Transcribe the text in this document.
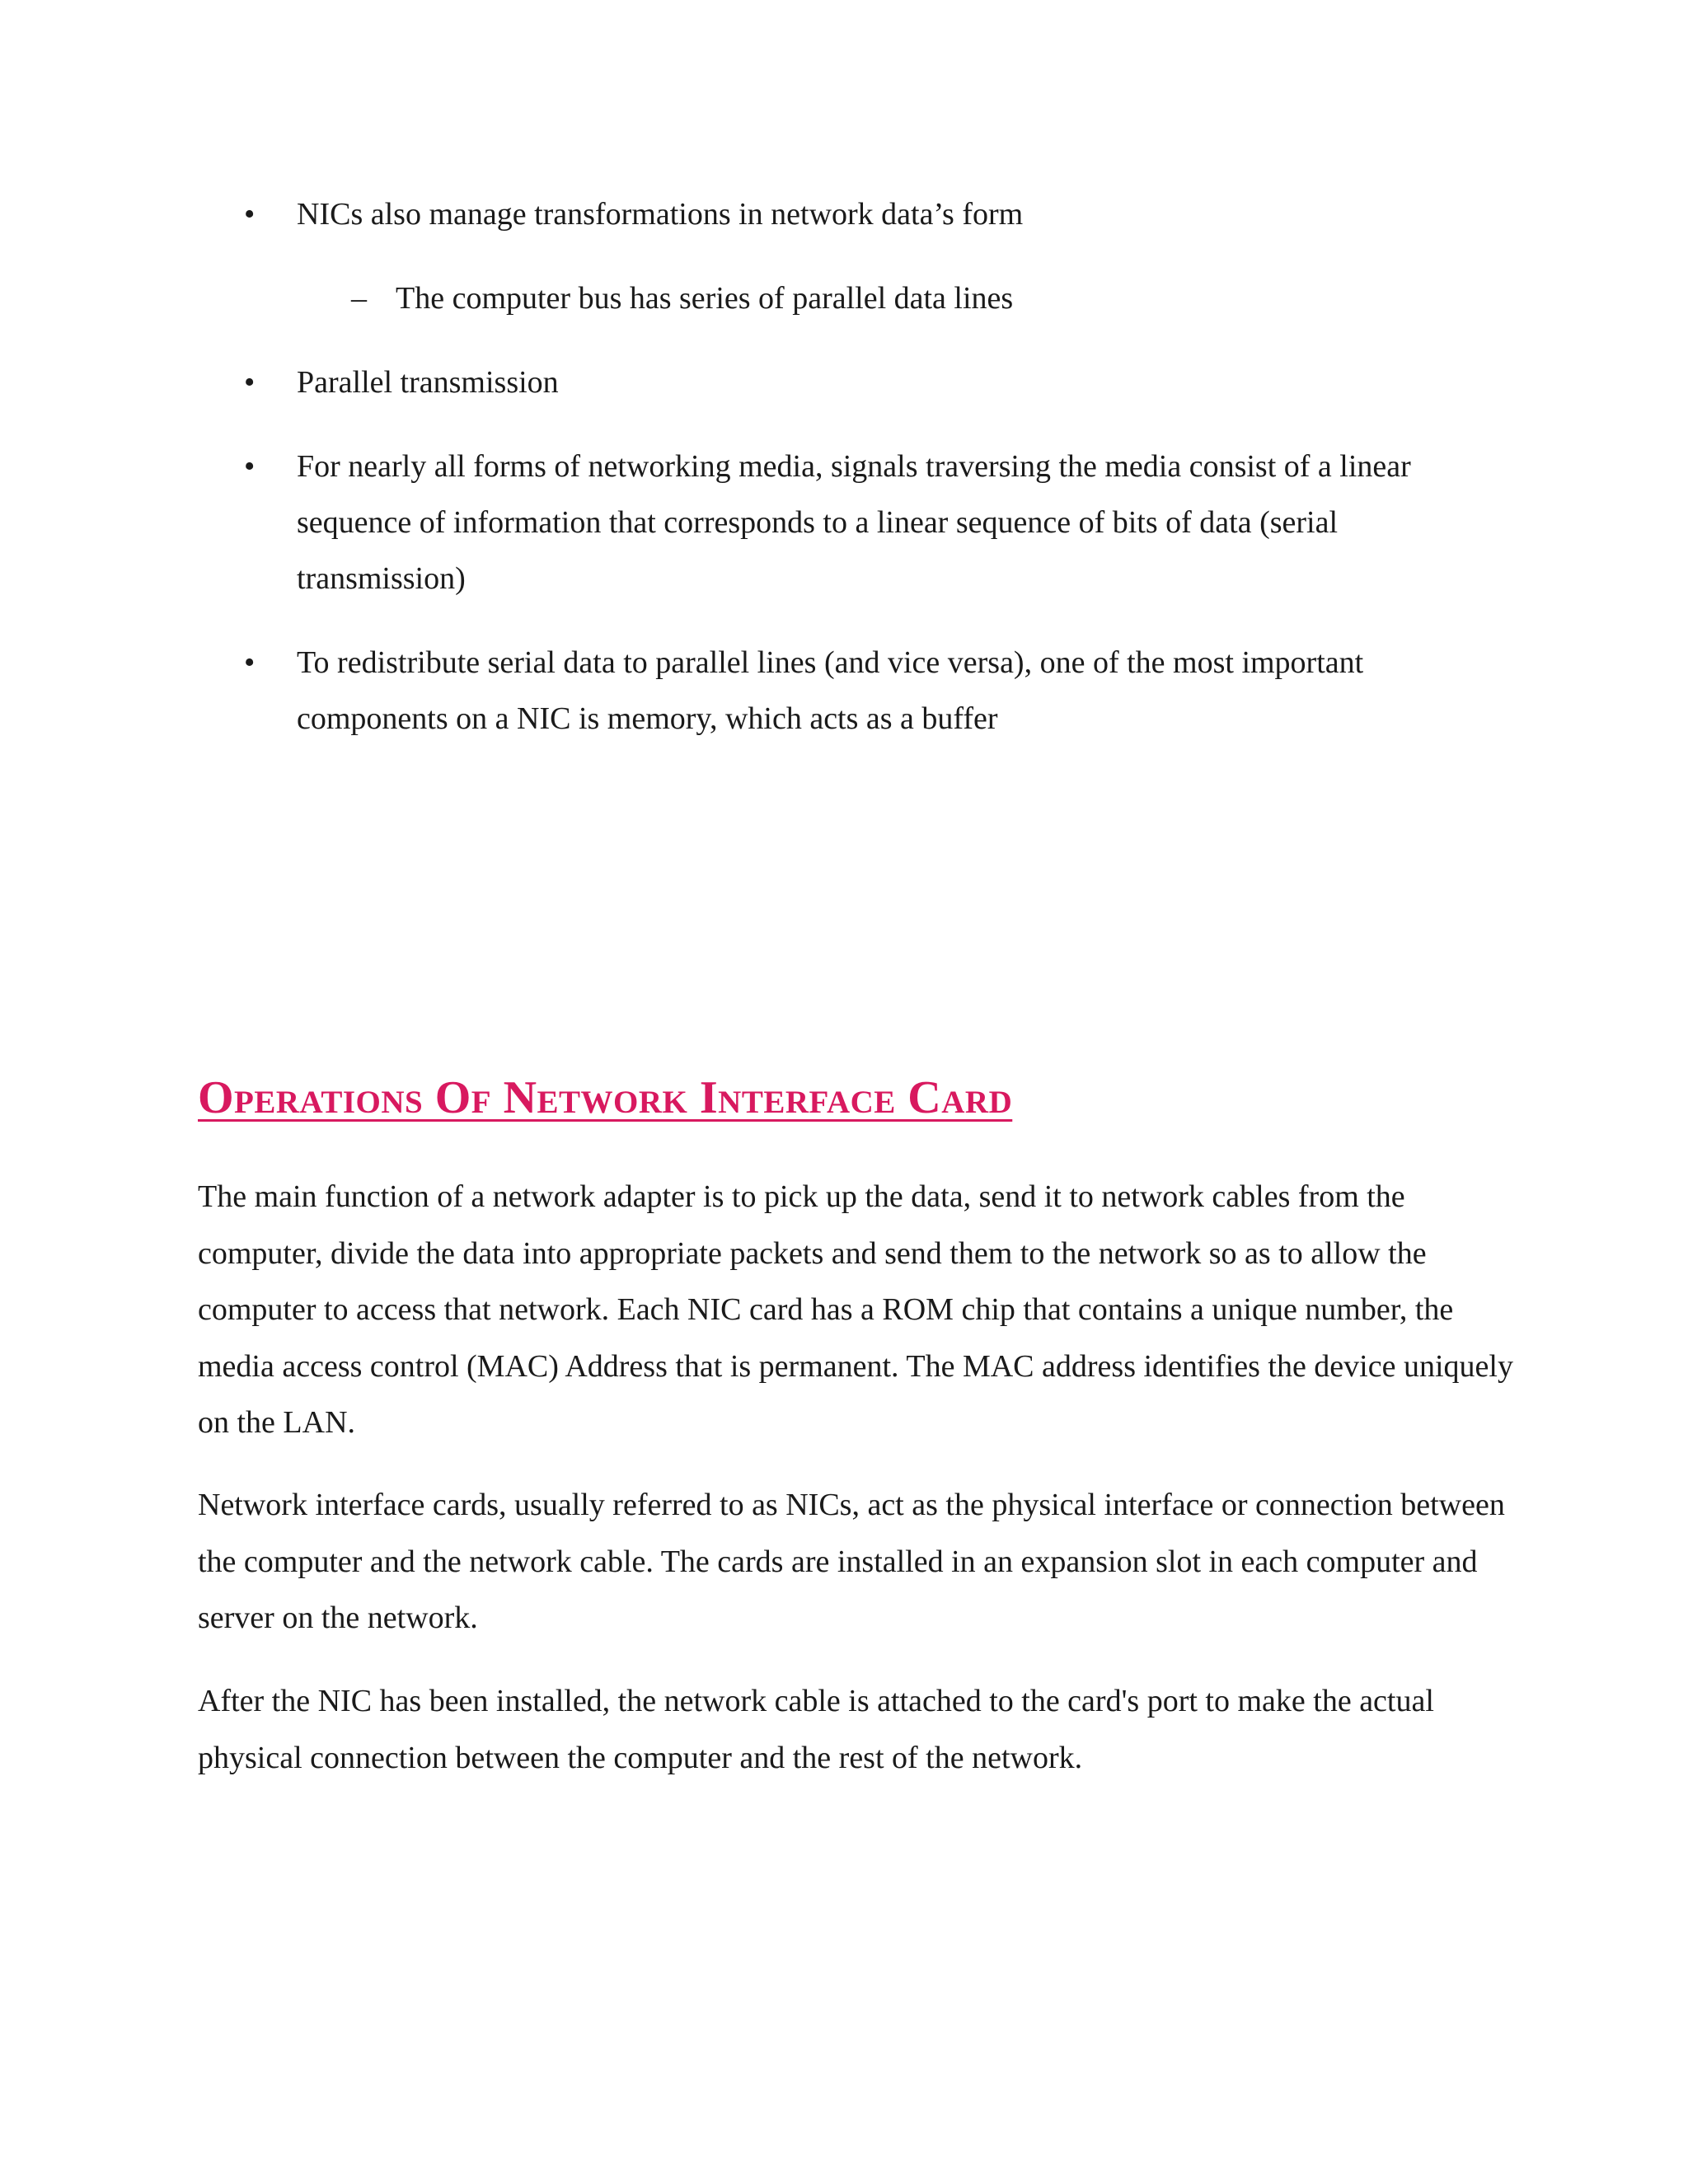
• NICs also manage transformations in network data’s form
– The computer bus has series of parallel data lines
• Parallel transmission
• For nearly all forms of networking media, signals traversing the media consist of a linear sequence of information that corresponds to a linear sequence of bits of data (serial transmission)
• To redistribute serial data to parallel lines (and vice versa), one of the most important components on a NIC is memory, which acts as a buffer
Operations Of Network Interface Card

The main function of a network adapter is to pick up the data, send it to network cables from the computer, divide the data into appropriate packets and send them to the network so as to allow the computer to access that network. Each NIC card has a ROM chip that contains a unique number, the media access control (MAC) Address that is permanent. The MAC address identifies the device uniquely on the LAN.

Network interface cards, usually referred to as NICs, act as the physical interface or connection between the computer and the network cable. The cards are installed in an expansion slot in each computer and server on the network.

After the NIC has been installed, the network cable is attached to the card's port to make the actual physical connection between the computer and the rest of the network.
